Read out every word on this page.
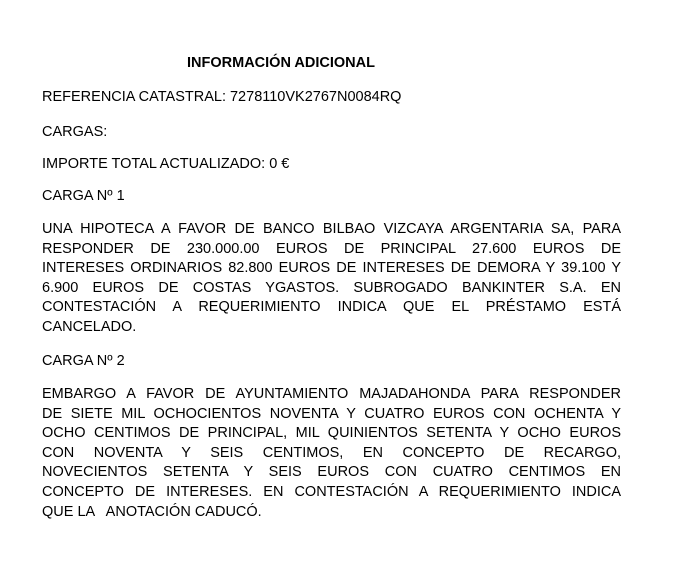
INFORMACIÓN ADICIONAL
REFERENCIA CATASTRAL: 7278110VK2767N0084RQ
CARGAS:
IMPORTE TOTAL ACTUALIZADO: 0 €
CARGA Nº 1
UNA HIPOTECA A FAVOR DE BANCO BILBAO VIZCAYA ARGENTARIA SA, PARA
RESPONDER DE 230.000.00 EUROS DE PRINCIPAL 27.600 EUROS DE
INTERESES ORDINARIOS 82.800 EUROS DE INTERESES DE DEMORA Y 39.100 Y
6.900 EUROS DE COSTAS YGASTOS. SUBROGADO BANKINTER S.A. EN
CONTESTACIÓN A REQUERIMIENTO INDICA QUE EL PRÉSTAMO ESTÁ
CANCELADO.
CARGA Nº 2
EMBARGO A FAVOR DE AYUNTAMIENTO MAJADAHONDA PARA RESPONDER
DE SIETE MIL OCHOCIENTOS NOVENTA Y CUATRO EUROS CON OCHENTA Y
OCHO CENTIMOS DE PRINCIPAL, MIL QUINIENTOS SETENTA Y OCHO EUROS
CON NOVENTA Y SEIS CENTIMOS, EN CONCEPTO DE RECARGO,
NOVECIENTOS SETENTA Y SEIS EUROS CON CUATRO CENTIMOS EN
CONCEPTO DE INTERESES. EN CONTESTACIÓN A REQUERIMIENTO INDICA
QUE LA   ANOTACIÓN CADUCÓ.
